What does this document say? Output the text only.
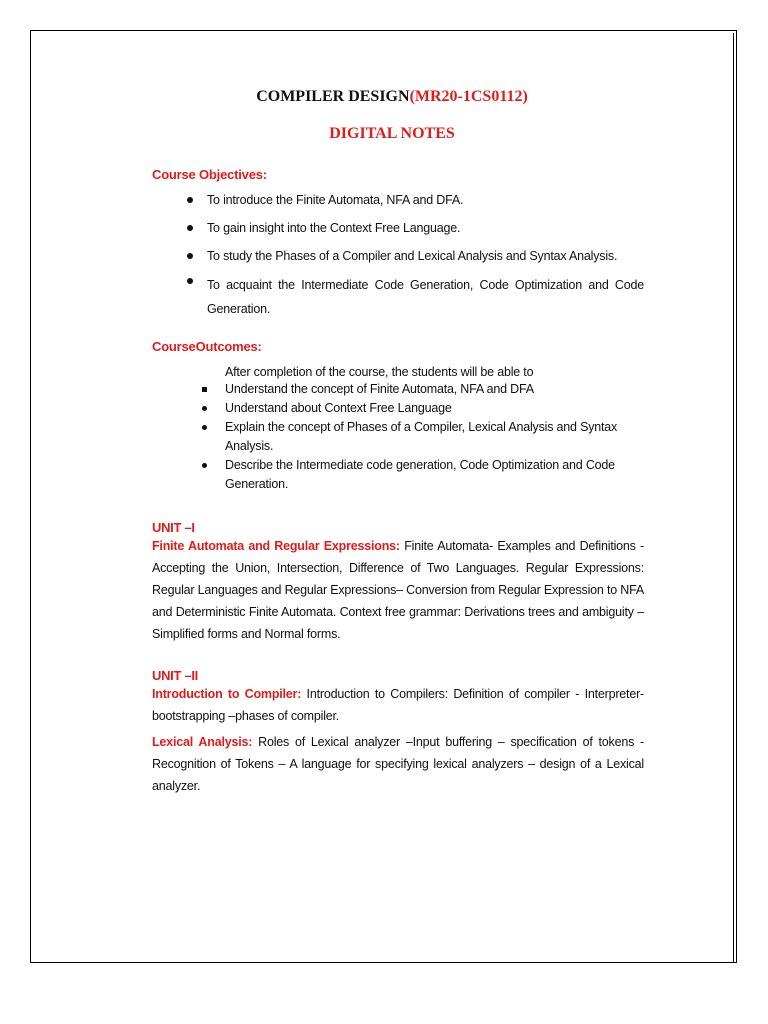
COMPILER DESIGN(MR20-1CS0112)
DIGITAL NOTES
Course Objectives:
To introduce the Finite Automata, NFA and DFA.
To gain insight into the Context Free Language.
To study the Phases of a Compiler and Lexical Analysis and Syntax Analysis.
To acquaint the Intermediate Code Generation, Code Optimization and Code Generation.
CourseOutcomes:
After completion of the course, the students will be able to
Understand the concept of Finite Automata, NFA and DFA
Understand about Context Free Language
Explain the concept of Phases of a Compiler, Lexical Analysis and Syntax Analysis.
Describe the Intermediate code generation, Code Optimization and Code Generation.
UNIT –I

Finite Automata and Regular Expressions: Finite Automata- Examples and Definitions - Accepting the Union, Intersection, Difference of Two Languages. Regular Expressions: Regular Languages and Regular Expressions– Conversion from Regular Expression to NFA and Deterministic Finite Automata. Context free grammar: Derivations trees and ambiguity – Simplified forms and Normal forms.

UNIT –II

Introduction to Compiler: Introduction to Compilers: Definition of compiler - Interpreter- bootstrapping –phases of compiler.

Lexical Analysis: Roles of Lexical analyzer –Input buffering – specification of tokens - Recognition of Tokens – A language for specifying lexical analyzers – design of a Lexical analyzer.
